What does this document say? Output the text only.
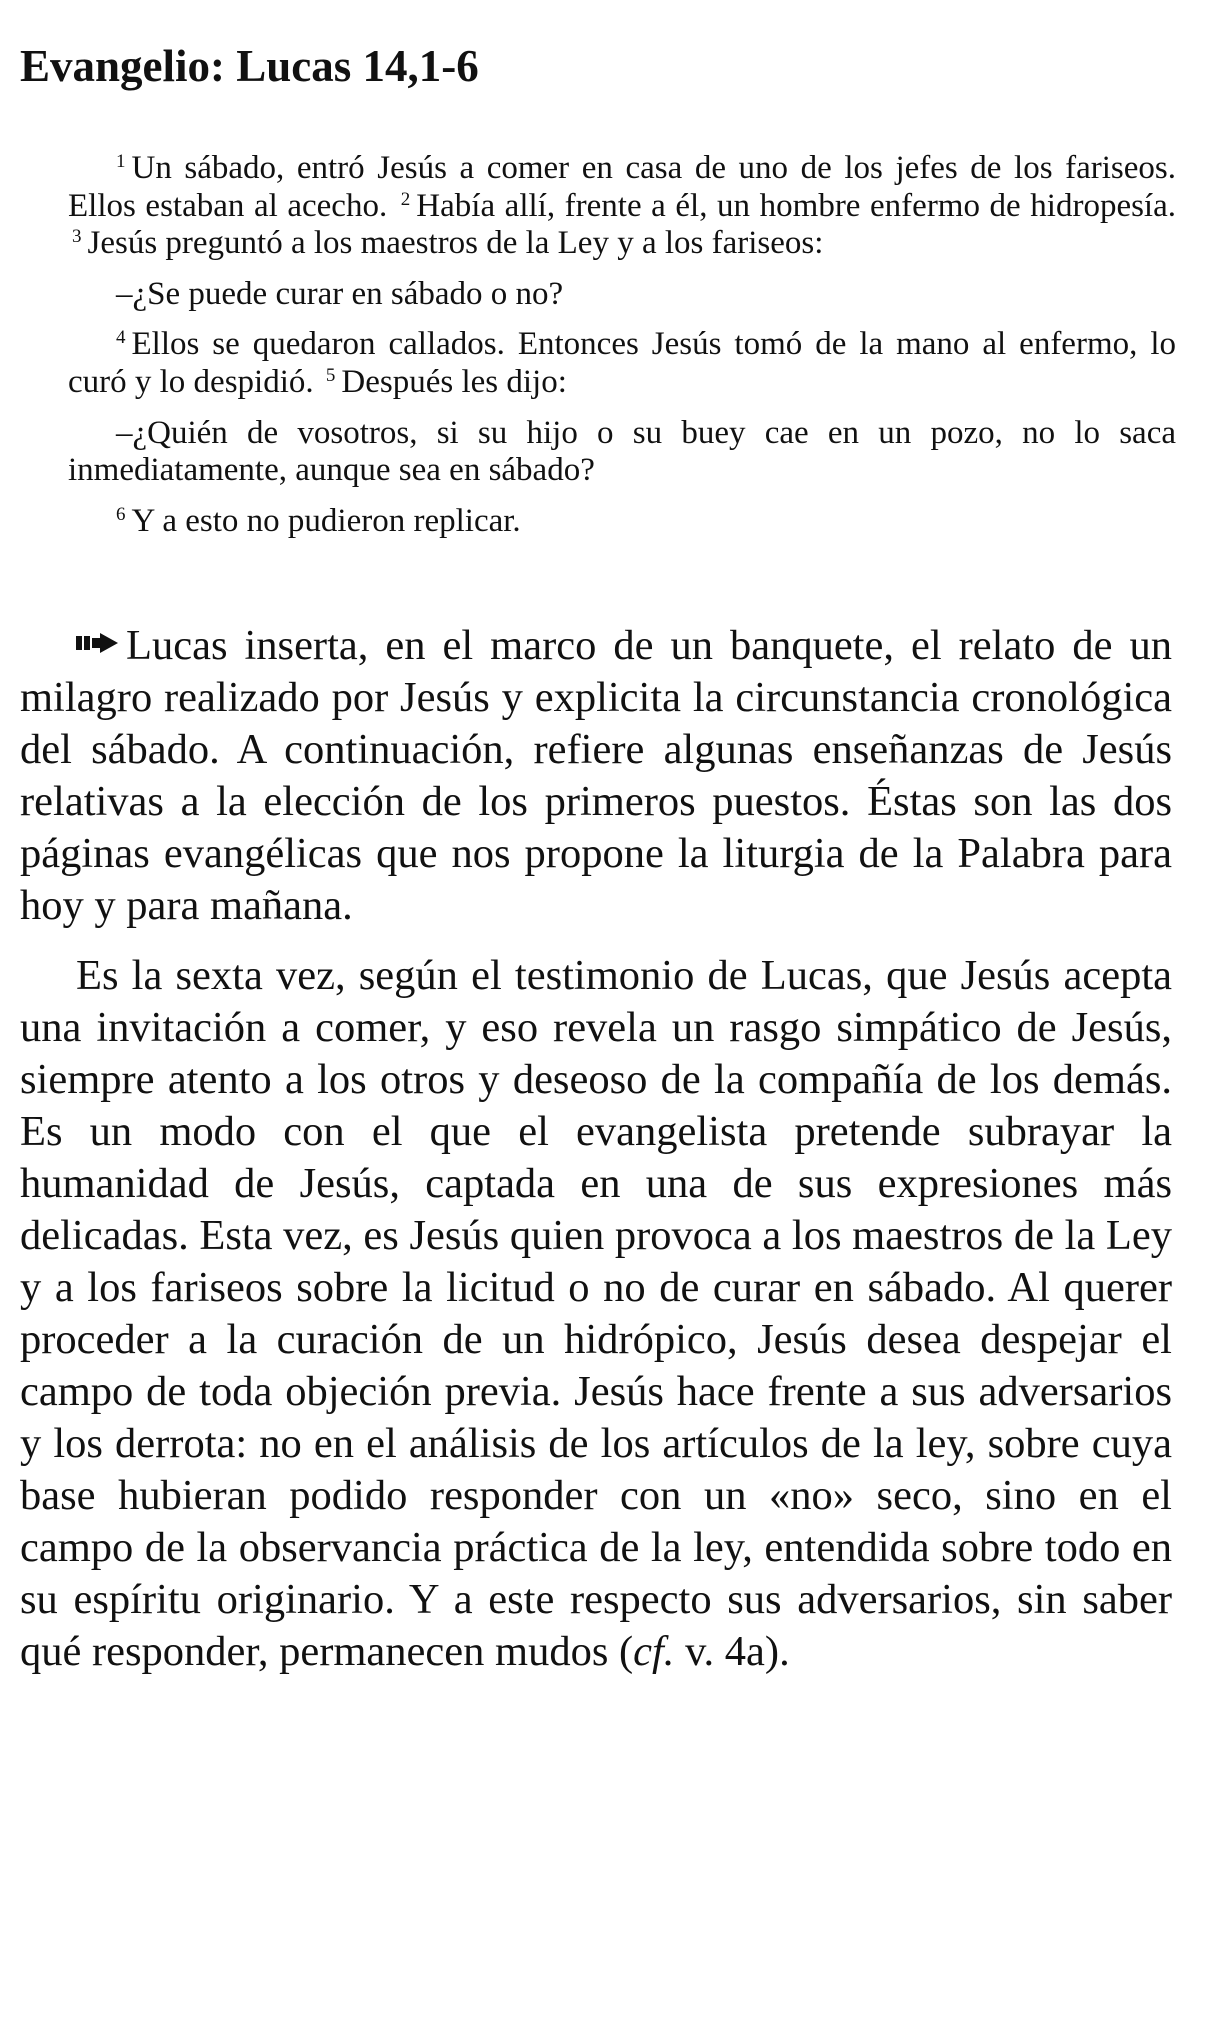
Evangelio: Lucas 14,1-6

$^1$ Un sábado, entró Jesús a comer en casa de uno de los jefes de los fariseos. Ellos estaban al acecho. $^2$ Había allí, frente a él, un hombre enfermo de hidropesía. $^3$ Jesús preguntó a los maestros de la Ley y a los fariseos:

–¿Se puede curar en sábado o no?

$^4$ Ellos se quedaron callados. Entonces Jesús tomó de la mano al enfermo, lo curó y lo despidió. $^5$ Después les dijo:

–¿Quién de vosotros, si su hijo o su buey cae en un pozo, no lo saca inmediatamente, aunque sea en sábado?

$^6$ Y a esto no pudieron replicar.

Lucas inserta, en el marco de un banquete, el relato de un milagro realizado por Jesús y explicita la circunstancia cronológica del sábado. A continuación, refiere algunas enseñanzas de Jesús relativas a la elección de los primeros puestos. Éstas son las dos páginas evangélicas que nos propone la liturgia de la Palabra para hoy y para mañana.

Es la sexta vez, según el testimonio de Lucas, que Jesús acepta una invitación a comer, y eso revela un rasgo simpático de Jesús, siempre atento a los otros y deseoso de la compañía de los demás. Es un modo con el que el evangelista pretende subrayar la humanidad de Jesús, captada en una de sus expresiones más delicadas. Esta vez, es Jesús quien provoca a los maestros de la Ley y a los fariseos sobre la licitud o no de curar en sábado. Al querer proceder a la curación de un hidrópico, Jesús desea despejar el campo de toda objeción previa. Jesús hace frente a sus adversarios y los derrota: no en el análisis de los artículos de la ley, sobre cuya base hubieran podido responder con un «no» seco, sino en el campo de la observancia práctica de la ley, entendida sobre todo en su espíritu originario. Y a este respecto sus adversarios, sin saber qué responder, permanecen mudos (cf. v. 4a).
